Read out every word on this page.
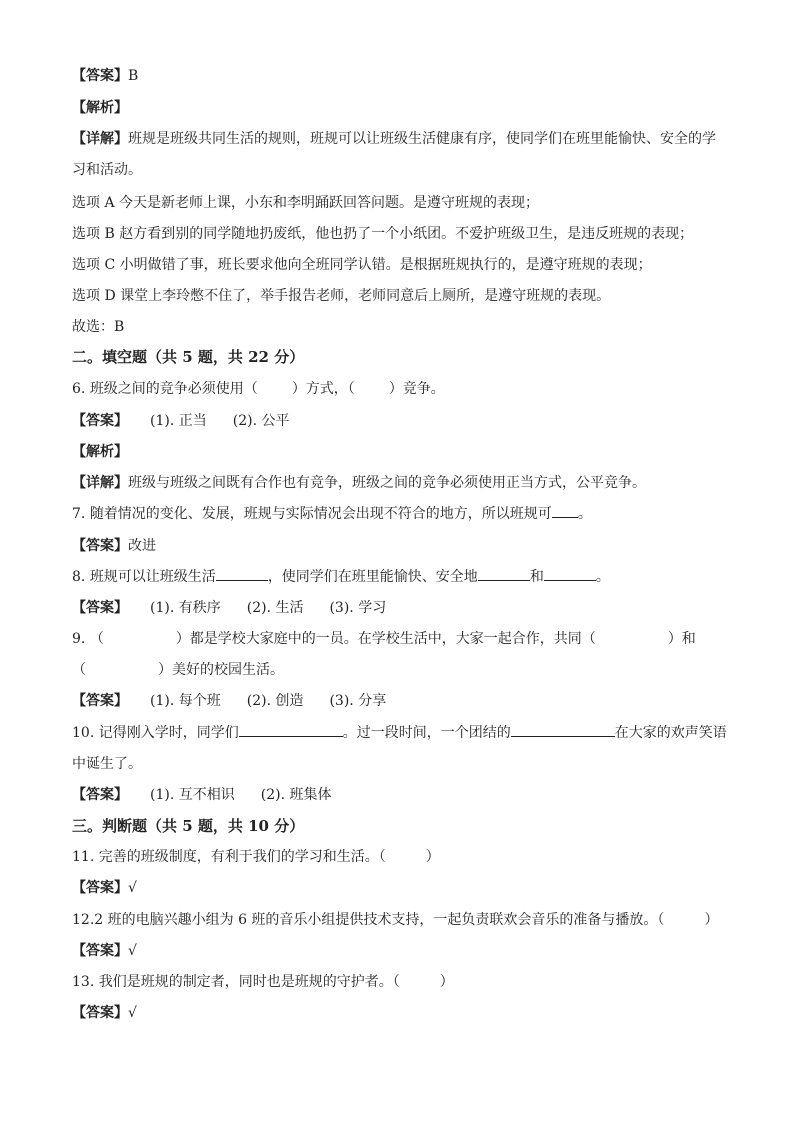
【答案】B
【解析】
【详解】班规是班级共同生活的规则，班规可以让班级生活健康有序，使同学们在班里能愉快、安全的学习和活动。
选项 A 今天是新老师上课，小东和李明踊跃回答问题。是遵守班规的表现；
选项 B 赵方看到别的同学随地扔废纸，他也扔了一个小纸团。不爱护班级卫生，是违反班规的表现；
选项 C 小明做错了事，班长要求他向全班同学认错。是根据班规执行的，是遵守班规的表现；
选项 D 课堂上李玲憋不住了，举手报告老师，老师同意后上厕所，是遵守班规的表现。
故选：B
二。填空题（共 5 题，共 22 分）
6. 班级之间的竞争必须使用（ ）方式，（ ）竞争。
【答案】 (1). 正当 (2). 公平
【解析】
【详解】班级与班级之间既有合作也有竞争，班级之间的竞争必须使用正当方式，公平竞争。
7. 随着情况的变化、发展，班规与实际情况会出现不符合的地方，所以班规可 。
【答案】改进
8. 班规可以让班级生活	，使同学们在班里能愉快、安全地	和	。
【答案】 (1). 有秩序 (2). 生活 (3). 学习
9. （	）都是学校大家庭中的一员。在学校生活中，大家一起合作，共同（	）和
（	）美好的校园生活。
【答案】 (1). 每个班 (2). 创造 (3). 分享
10. 记得刚入学时，同学们	。过一段时间，一个团结的	在大家的欢声笑语
中诞生了。
【答案】 (1). 互不相识 (2). 班集体
三。判断题（共 5 题，共 10 分）
11. 完善的班级制度，有利于我们的学习和生活。（	）
【答案】√
12.2 班的电脑兴趣小组为 6 班的音乐小组提供技术支持，一起负责联欢会音乐的准备与播放。（	）
【答案】√
13. 我们是班规的制定者，同时也是班规的守护者。（	）
【答案】√
